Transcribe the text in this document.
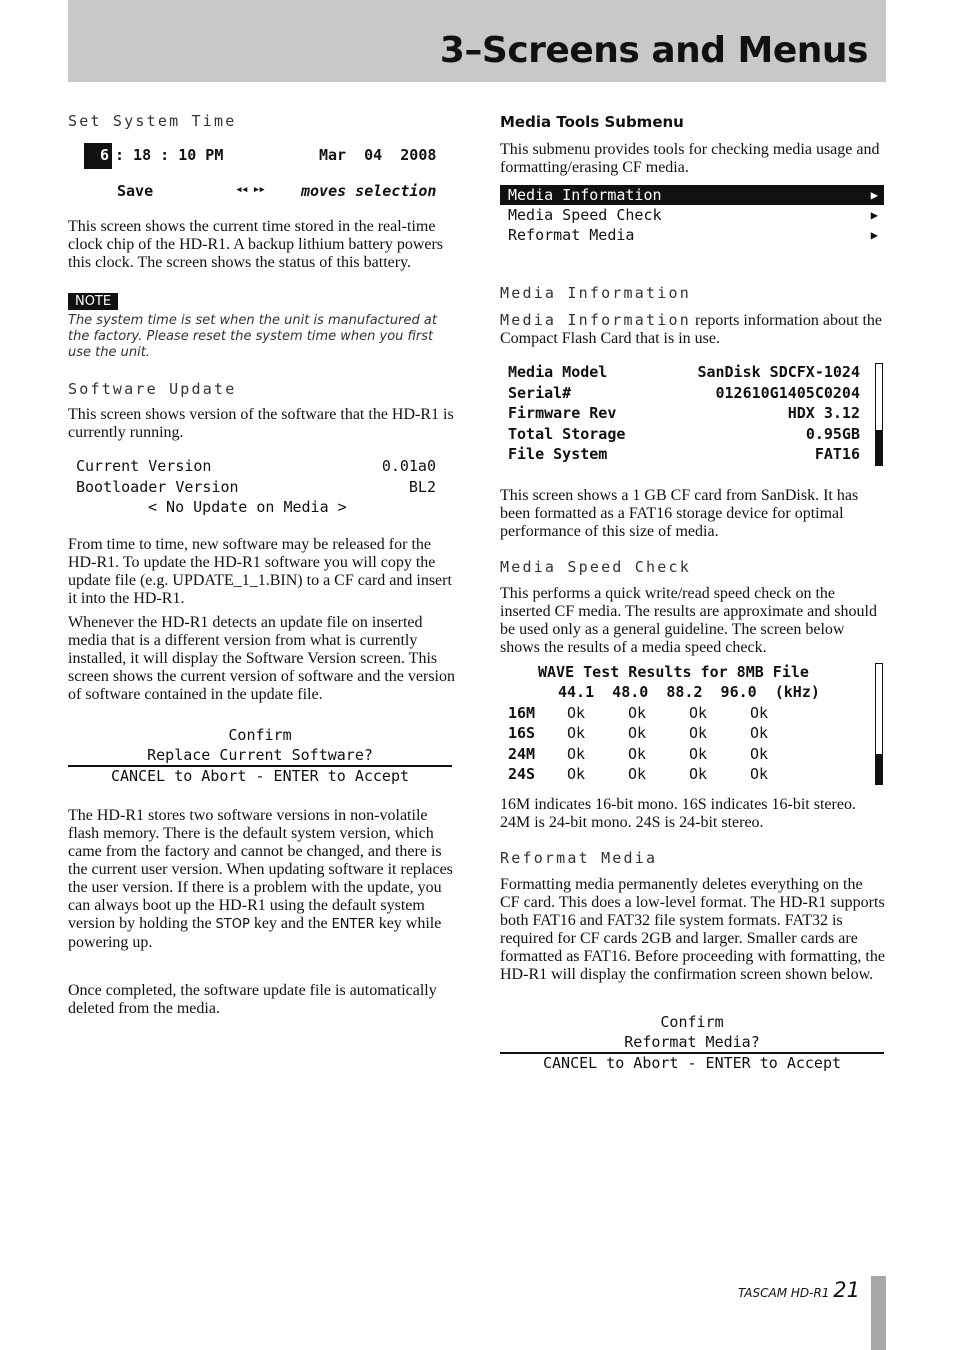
3–Screens and Menus
Set System Time

6

: 18 : 10 PM

	Mar  04  2008

Save	◂◂ ▸▸ moves selection

This screen shows the current time stored in the real-time clock chip of the HD-R1. A backup lithium battery powers this clock. The screen shows the status of this battery.

NOTE
The system time is set when the unit is manufactured at the factory. Please reset the system time when you first use the unit.
Software Update

This screen shows version of the software that the HD-R1 is currently running.

Current Version	0.01a0
Bootloader Version	BL2
< No Update on Media >

From time to time, new software may be released for the HD-R1. To update the HD-R1 software you will copy the update file (e.g. UPDATE_1_1.BIN) to a CF card and insert it into the HD-R1.

Whenever the HD-R1 detects an update file on inserted media that is a different version from what is currently installed, it will display the Software Version screen. This screen shows the current version of software and the version of software contained in the update file.

Confirm
Replace Current Software?
CANCEL to Abort - ENTER to Accept

The HD-R1 stores two software versions in non-volatile flash memory. There is the default system version, which came from the factory and cannot be changed, and there is the current user version. When updating software it replaces the user version. If there is a problem with the update, you can always boot up the HD-R1 using the default system version by holding the STOP key and the ENTER key while powering up.

Once completed, the software update file is automatically deleted from the media.

Media Tools Submenu

This submenu provides tools for checking media usage and formatting/erasing CF media.

Media Information	▶
Media Speed Check	▶
Reformat Media	▶
Media Information

Media Information reports information about the Compact Flash Card that is in use.

Media Model	SanDisk SDCFX-1024
Serial#	012610G1405C0204
Firmware Rev	HDX 3.12
Total Storage	0.95GB
File System	FAT16

This screen shows a 1 GB CF card from SanDisk. It has been formatted as a FAT16 storage device for optimal performance of this size of media.

Media Speed Check

This performs a quick write/read speed check on the inserted CF media. The results are approximate and should be used only as a general guideline. The screen below shows the results of a media speed check.

WAVE Test Results for 8MB File
44.1  48.0  88.2  96.0  (kHz)
16M Ok	Ok	Ok	Ok
16S Ok	Ok	Ok	Ok
24M Ok	Ok	Ok	Ok
24S Ok	Ok	Ok	Ok

16M indicates 16-bit mono. 16S indicates 16-bit stereo. 24M is 24-bit mono. 24S is 24-bit stereo.

Reformat Media

Formatting media permanently deletes everything on the CF card. This does a low-level format. The HD-R1 supports both FAT16 and FAT32 file system formats. FAT32 is required for CF cards 2GB and larger. Smaller cards are formatted as FAT16. Before proceeding with formatting, the HD-R1 will display the confirmation screen shown below.

Confirm
Reformat Media?
CANCEL to Abort - ENTER to Accept
TASCAM HD-R1 21
